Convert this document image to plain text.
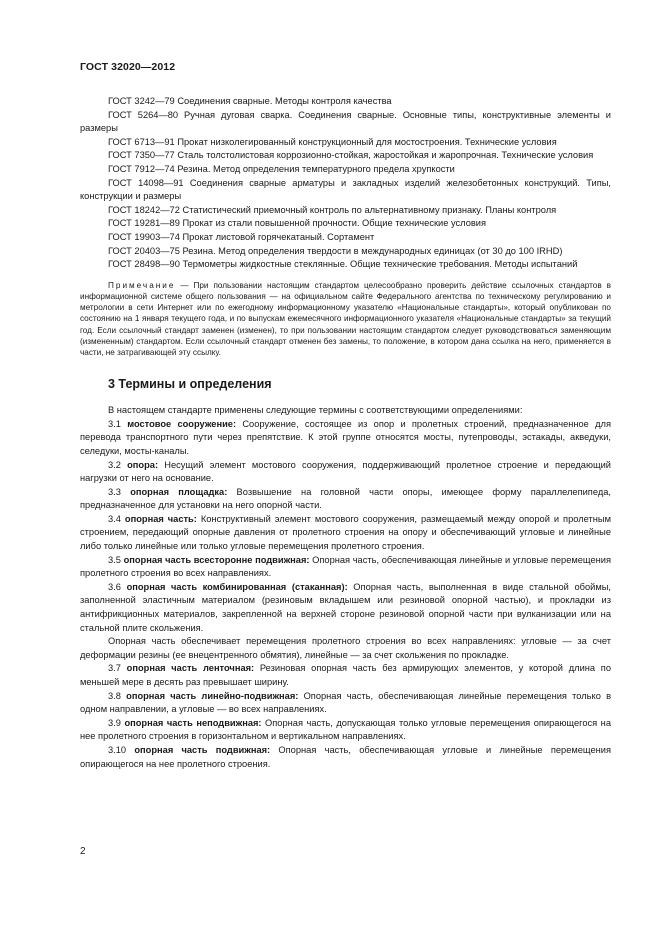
ГОСТ 32020—2012

ГОСТ 3242—79 Соединения сварные. Методы контроля качества

ГОСТ 5264—80 Ручная дуговая сварка. Соединения сварные. Основные типы, конструктивные элементы и размеры

ГОСТ 6713—91 Прокат низколегированный конструкционный для мостостроения. Технические условия

ГОСТ 7350—77 Сталь толстолистовая коррозионно-стойкая, жаростойкая и жаропрочная. Технические условия

ГОСТ 7912—74 Резина. Метод определения температурного предела хрупкости

ГОСТ 14098—91 Соединения сварные арматуры и закладных изделий железобетонных конструкций. Типы, конструкции и размеры

ГОСТ 18242—72 Статистический приемочный контроль по альтернативному признаку. Планы контроля

ГОСТ 19281—89 Прокат из стали повышенной прочности. Общие технические условия

ГОСТ 19903—74 Прокат листовой горячекатаный. Сортамент

ГОСТ 20403—75 Резина. Метод определения твердости в международных единицах (от 30 до 100 IRHD)

ГОСТ 28498—90 Термометры жидкостные стеклянные. Общие технические требования. Методы испытаний

Примечание — При пользовании настоящим стандартом целесообразно проверить действие ссылочных стандартов в информационной системе общего пользования — на официальном сайте Федерального агентства по техническому регулированию и метрологии в сети Интернет или по ежегодному информационному указателю «Национальные стандарты», который опубликован по состоянию на 1 января текущего года, и по выпускам ежемесячного информационного указателя «Национальные стандарты» за текущий год. Если ссылочный стандарт заменен (изменен), то при пользовании настоящим стандартом следует руководствоваться заменяющим (измененным) стандартом. Если ссылочный стандарт отменен без замены, то положение, в котором дана ссылка на него, применяется в части, не затрагивающей эту ссылку.
3 Термины и определения

В настоящем стандарте применены следующие термины с соответствующими определениями:

3.1 мостовое сооружение: Сооружение, состоящее из опор и пролетных строений, предназначенное для перевода транспортного пути через препятствие. К этой группе относятся мосты, путепроводы, эстакады, акведуки, селедуки, мосты-каналы.

3.2 опора: Несущий элемент мостового сооружения, поддерживающий пролетное строение и передающий нагрузки от него на основание.

3.3 опорная площадка: Возвышение на головной части опоры, имеющее форму параллелепипеда, предназначенное для установки на него опорной части.

3.4 опорная часть: Конструктивный элемент мостового сооружения, размещаемый между опорой и пролетным строением, передающий опорные давления от пролетного строения на опору и обеспечивающий угловые и линейные либо только линейные или только угловые перемещения пролетного строения.

3.5 опорная часть всесторонне подвижная: Опорная часть, обеспечивающая линейные и угловые перемещения пролетного строения во всех направлениях.

3.6 опорная часть комбинированная (стаканная): Опорная часть, выполненная в виде стальной обоймы, заполненной эластичным материалом (резиновым вкладышем или резиновой опорной частью), и прокладки из антифрикционных материалов, закрепленной на верхней стороне резиновой опорной части при вулканизации или на стальной плите скольжения.

Опорная часть обеспечивает перемещения пролетного строения во всех направлениях: угловые — за счет деформации резины (ее внецентренного обмятия), линейные — за счет скольжения по прокладке.

3.7 опорная часть ленточная: Резиновая опорная часть без армирующих элементов, у которой длина по меньшей мере в десять раз превышает ширину.

3.8 опорная часть линейно-подвижная: Опорная часть, обеспечивающая линейные перемещения только в одном направлении, а угловые — во всех направлениях.

3.9 опорная часть неподвижная: Опорная часть, допускающая только угловые перемещения опирающегося на нее пролетного строения в горизонтальном и вертикальном направлениях.

3.10 опорная часть подвижная: Опорная часть, обеспечивающая угловые и линейные перемещения опирающегося на нее пролетного строения.

2
